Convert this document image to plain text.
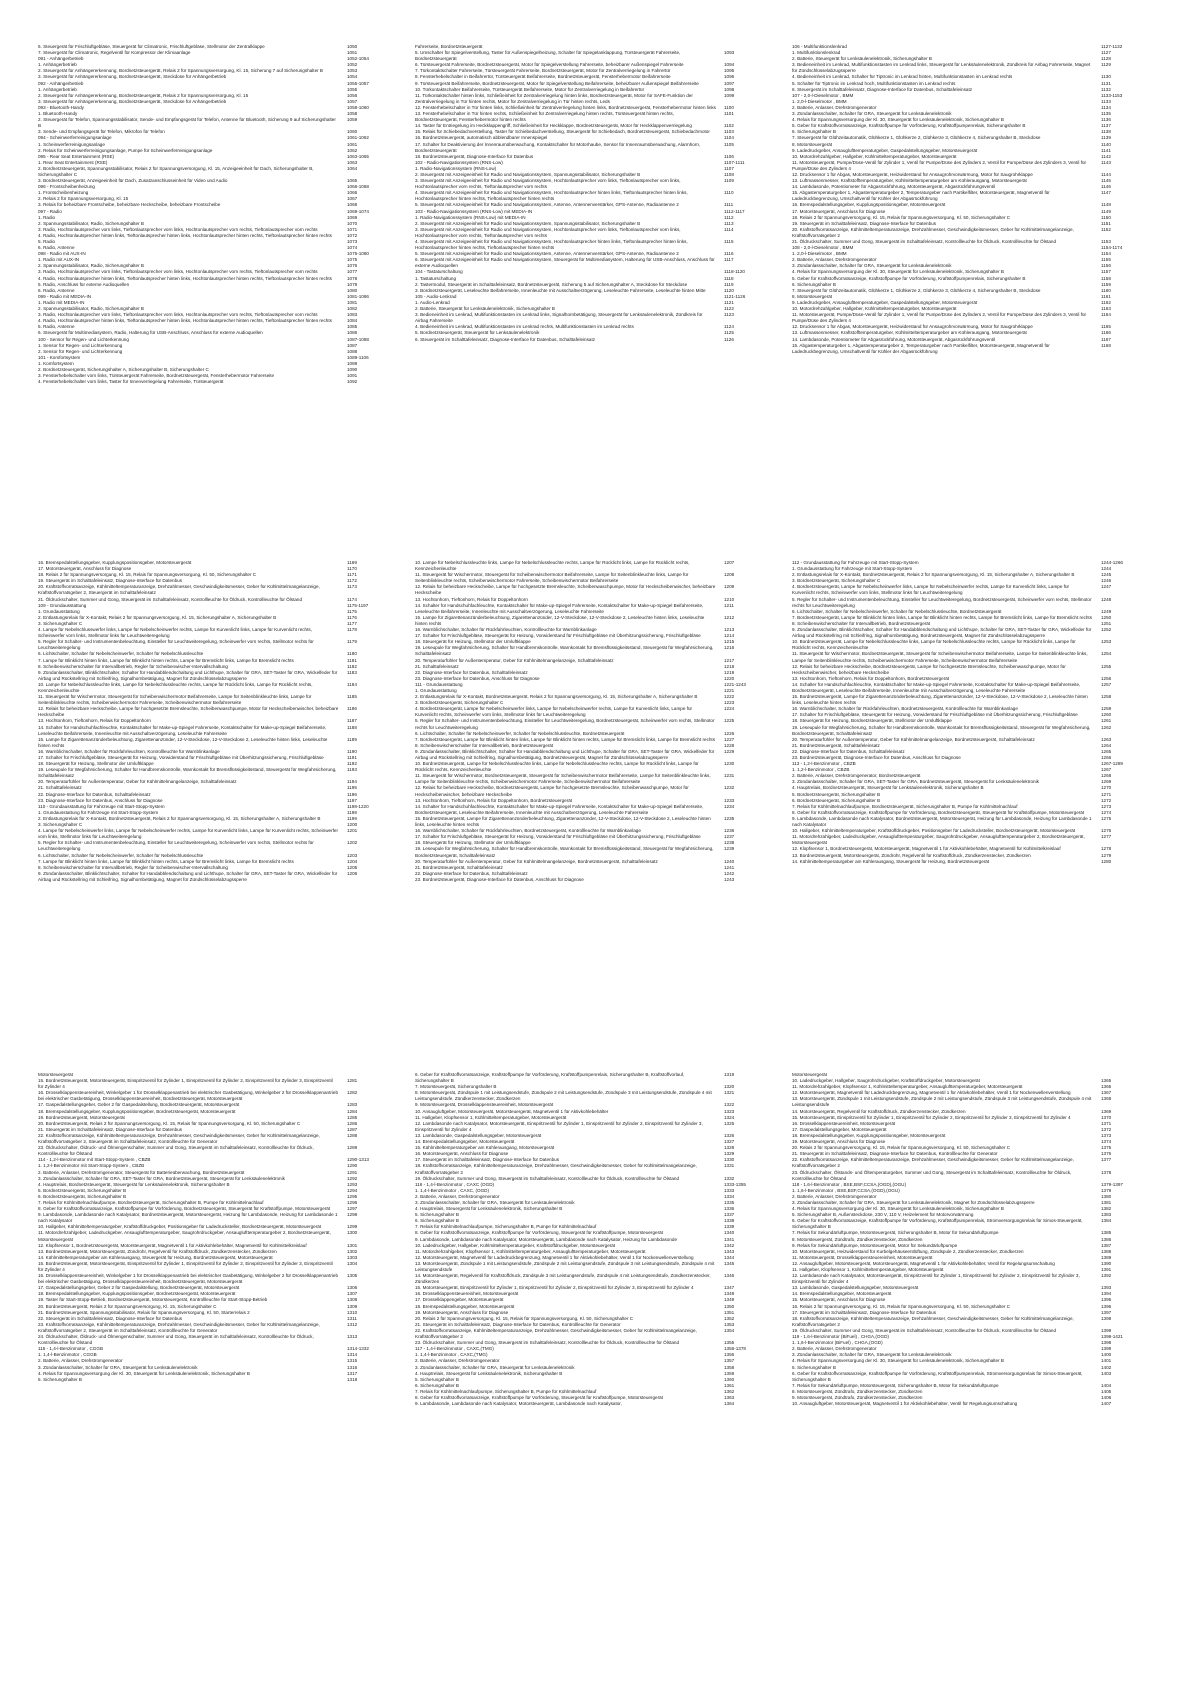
6. Steuergerät für Frischluftgebläse, Steuergerät für Climatronic, Frischluftgebläse, Stellmotor der Zentralklappe	1050
7. Steuergerät für Climatronic, Regelventil für Kompressor der Klimaanlage	1051
091 - Anhängerbetrieb	1052-1054
1. Anhängerbetrieb	1052
2. Steuergerät für Anhängererkennung, Bordnetzsteuergerät, Relais 2 für Spannungsversorgung, Kl. 15, Sicherung 7 auf Sicherungshalter B	1053
3. Steuergerät für Anhängererkennung, Bordnetzsteuergerät, Steckdose für Anhängerbetrieb	1054
092 - Anhängerbetrieb	1055-1057
1. Anhängerbetrieb	1055
2. Steuergerät für Anhängererkennung, Bordnetzsteuergerät, Relais 2 für Spannungsversorgung, Kl. 15	1056
3. Steuergerät für Anhängererkennung, Bordnetzsteuergerät, Steckdose für Anhängerbetrieb	1057
093 - Bluetooth-Handy	1058-1060
1. Bluetooth-Handy	1058
2. Steuergerät für Telefon, Spannungsstabilisator, Sende- und Empfangsgerät für Telefon, Antenne für Bluetooth, Sicherung 9 auf Sicherungshalter B
1059
3. Sende- und Empfangsgerät für Telefon, Mikrofon für Telefon	1060
094 - Scheinwerferreinigungsanlage	1061-1062
1. Scheinwerferreinigungsanlage	1061
2. Relais für Scheinwerferreinigungsanlage, Pumpe für Scheinwerferreinigungsanlage	1062
095 - Rear Seat Entertainment (RSE)	1063-1065
1. Rear Seat Entertainment (RSE)	1063
2. Bordnetzsteuergerät, Spannungsstabilisator, Relais 2 für Spannungsversorgung, Kl. 15, Anzeigeeinheit für Dach, Sicherungshalter B, Sicherungshalter C
1064
3. Bordnetzsteuergerät, Anzeigeeinheit für Dach, Zusatzanschlusseinheit für Video und Audio	1065
096 - Frontscheibenheizung	1066-1068
1. Frontscheibenheizung	1066
2. Relais 2 für Spannungsversorgung, Kl. 15	1067
3. Relais für beheizbare Frontscheibe, beheizbare Heckscheibe, beheizbare Frontscheibe	1068
097 - Radio	1069-1074
1. Radio	1069
2. Spannungsstabilisator, Radio, Sicherungshalter B	1070
3. Radio, Hochtonlautsprecher vorn links, Tieftonlautsprecher vorn links, Hochtonlautsprecher vorn rechts, Tieftonlautsprecher vorn rechts	1071
4. Radio, Hochtonlautsprecher hinten links, Tieftonlautsprecher hinten links, Hochtonlautsprecher hinten rechts, Tieftonlautsprecher hinten rechts	1072
5. Radio	1073
6. Radio, Antenne	1074
098 - Radio mit AUX-IN	1075-1080
1. Radio mit AUX-IN	1075
2. Spannungsstabilisator, Radio, Sicherungshalter B	1076
3. Radio, Hochtonlautsprecher vorn links, Tieftonlautsprecher vorn links, Hochtonlautsprecher vorn rechts, Tieftonlautsprecher vorn rechts	1077
4. Radio, Hochtonlautsprecher hinten links, Tieftonlautsprecher hinten links, Hochtonlautsprecher hinten rechts, Tieftonlautsprecher hinten rechts	1078
5. Radio, Anschluss für externe Audioquellen	1079
6. Radio, Antenne	1080
099 - Radio mit MEDIA-IN	1081-1086
1. Radio mit MEDIA-IN	1081
2. Spannungsstabilisator, Radio, Sicherungshalter B	1082
3. Radio, Hochtonlautsprecher vorn links, Tieftonlautsprecher vorn links, Hochtonlautsprecher vorn rechts, Tieftonlautsprecher vorn rechts	1083
4. Radio, Hochtonlautsprecher hinten links, Tieftonlautsprecher hinten links, Hochtonlautsprecher hinten rechts, Tieftonlautsprecher hinten rechts	1084
5. Radio, Antenne	1085
6. Steuergerät für Multimediasystem, Radio, Halterung für USB-Anschluss, Anschluss für externe Audioquellen	1086
100 - Sensor für Regen- und Lichterkennung	1087-1088
1. Sensor für Regen- und Lichterkennung	1087
2. Sensor für Regen- und Lichterkennung	1088
101 - Komfortsystem	1089-1106
1. Komfortsystem	1089
2. Bordnetzsteuergerät, Sicherungshalter A, Sicherungshalter B, Sicherungshalter C	1090
3. Fensterhebelschalter vorn links, Türsteuergerät Fahrerseite, Bordnetzsteuergerät, Fensterhebermotor Fahrerseite	1091
4. Fensterhebelschalter vorn links, Taster für Innenverriegelung Fahrerseite, Türsteuergerät	1092
Fahrerseite, Bordnetzsteuergerät
5. Umschalter für Spiegelverstellung, Taster für Außenspiegelheizung, Schalter für Spiegelanklappung, Türsteuergerät Fahrerseite, Bordnetzsteuergerät
1093
6. Türsteuergerät Fahrerseite, Bordnetzsteuergerät, Motor für Spiegelverstellung Fahrerseite, beheizbarer Außenspiegel Fahrerseite	1094
7. Türkontaktschalter Fahrerseite, Türsteuergerät Fahrerseite, Bordnetzsteuergerät, Motor für Zentralverriegelung in Fahrertür	1095
8. Fensterhebelschalter in Beifahrertür, Türsteuergerät Beifahrerseite, Bordnetzsteuergerät, Fensterhebermotor Beifahrerseite	1096
9. Türsteuergerät Beifahrerseite, Bordnetzsteuergerät, Motor für Spiegelverstellung Beifahrerseite, beheizbarer Außenspiegel Beifahrerseite	1097
10. Türkontaktschalter Beifahrerseite, Türsteuergerät Beifahrerseite, Motor für Zentralverriegelung in Beifahrertür	1098
11. Türkontaktschalter hinten links, Schließeinheit für Zentralverriegelung hinten links, Bordnetzsteuergerät, Motor für SAFE-Funktion der Zentralverriegelung in Tür hinten rechts, Motor für Zentralverriegelung in Tür hinten rechts, Leds
1099
12. Fensterhebelschalter in Tür hinten links, Schließeinheit für Zentralverriegelung hinten links, Bordnetzsteuergerät, Fensterhebermotor hinten links	1100
13. Fensterhebelschalter in Tür hinten rechts, Schließeinheit für Zentralverriegelung hinten rechts, Türsteuergerät hinten rechts, Bordnetzsteuergerät, Fensterhebermotor hinten rechts
1101
14. Taster für Entriegelung im Heckklappengriff, Schließeinheit für Heckklappe, Bordnetzsteuergerät, Motor für Heckklappenverriegelung	1102
15. Relais für Schiebedachverstellung, Taster für Schiebedachverstellung, Steuergerät für Schiebedach, Bordnetzsteuergerät, Schiebedachmotor	1103
16. Bordnetzsteuergerät, automatisch abblendbarer Innenspiegel	1104
17. Schalter für Deaktivierung der Innenraumüberwachung, Kontaktschalter für Motorhaube, Sensor für Innenraumüberwachung, Alarmhorn, Bordnetzsteuergerät
1105
18. Bordnetzsteuergerät, Diagnose-Interface für Datenbus	1106
102 - Radio-Navigationssystem (RNS-Low)	1107-1111
1. Radio-Navigationssystem (RNS-Low)	1107
2. Steuergerät mit Anzeigeeinheit für Radio und Navigationssystem, Spannungsstabilisator, Sicherungshalter B	1108
3. Steuergerät mit Anzeigeeinheit für Radio und Navigationssystem, Hochtonlautsprecher vorn links, Tieftonlautsprecher vorn links, Hochtonlautsprecher vorn rechts, Tieftonlautsprecher vorn rechts
1109
4. Steuergerät mit Anzeigeeinheit für Radio und Navigationssystem, Hochtonlautsprecher hinten links, Tieftonlautsprecher hinten links, Hochtonlautsprecher hinten rechts, Tieftonlautsprecher hinten rechts
1110
5. Steuergerät mit Anzeigeeinheit für Radio und Navigationssystem, Antenne, Antennenverstärker, GPS-Antenne, Radioantenne 2	1111
103 - Radio-Navigationssystem (RNS-Low) mit MEDIA-IN	1112-1117
1. Radio-Navigationssystem (RNS-Low) mit MEDIA-IN	1112
2. Steuergerät mit Anzeigeeinheit für Radio und Navigationssystem, Spannungsstabilisator, Sicherungshalter B	1113
3. Steuergerät mit Anzeigeeinheit für Radio und Navigationssystem, Hochtonlautsprecher vorn links, Tieftonlautsprecher vorn links, Hochtonlautsprecher vorn rechts, Tieftonlautsprecher vorn rechts
1114
4. Steuergerät mit Anzeigeeinheit für Radio und Navigationssystem, Hochtonlautsprecher hinten links, Tieftonlautsprecher hinten links, Hochtonlautsprecher hinten rechts, Tieftonlautsprecher hinten rechts
1115
5. Steuergerät mit Anzeigeeinheit für Radio und Navigationssystem, Antenne, Antennenverstärker, GPS-Antenne, Radioantenne 2	1116
6. Steuergerät mit Anzeigeeinheit für Radio und Navigationssystem, Steuergerät für Multimediasystem, Halterung für USB-Anschluss, Anschluss für externe Audioquellen
1117
104 - Tastaturschaltung	1118-1120
1. Tastaturschaltung	1118
2. Tastermodul, Steuergerät im Schalttafeleinsatz, Bordnetzsteuergerät, Sicherung 5 auf Sicherungshalter A, Steckdose für Steckdose	1119
3. Bordnetzsteuergerät, Leseleuchte Beifahrerseite, Innenleuchte mit Ausschaltverzögerung, Leseleuchte Fahrerseite, Leseleuchte hinten Mitte	1120
105 - Audio-Lenkrad	1121-1126
1. Audio-Lenkrad	1121
2. Batterie, Steuergerät für Lenksäulenelektronik, Sicherungshalter B	1122
3. Bedieneinheit im Lenkrad, Multifunktionstasten im Lenkrad links, Signalhornbetätigung, Steuergerät für Lenksäulenelektronik, Zündkreis für Airbag Fahrerseite
1123
4. Bedieneinheit im Lenkrad, Multifunktionstasten im Lenkrad rechts, Multifunktionstasten im Lenkrad rechts	1124
5. Bordnetzsteuergerät, Steuergerät für Lenksäulenelektronik	1125
6. Steuergerät im Schalttafeleinsatz, Diagnose-Interface für Datenbus, Schalttafeleinsatz	1126
106 - Multifunktionslenkrad	1127-1132
1. Multifunktionslenkrad	1127
2. Batterie, Steuergerät für Lenksäulenelektronik, Sicherungshalter B	1128
3. Bedieneinheit im Lenkrad, Multifunktionstasten im Lenkrad links, Steuergerät für Lenksäulenelektronik, Zündkreis für Airbag Fahrerseite, Magnet für Zündschlüsselabzugssperre
1129
4. Bedieneinheit im Lenkrad, Schalter für Tiptronic im Lenkrad hinten, Multifunktionstasten im Lenkrad rechts	1130
5. Schalter für Tiptronic im Lenkrad hoch, Multifunktionstasten im Lenkrad rechts	1131
6. Steuergerät im Schalttafeleinsatz, Diagnose-Interface für Datenbus, Schalttafeleinsatz	1132
107 - 2,0-l-Dieselmotor , BMM	1133-1153
1. 2,0-l-Dieselmotor , BMM	1133
2. Batterie, Anlasser, Drehstromgenerator	1134
3. Zündanlassschalter, Schalter für GRA, Steuergerät für Lenksäulenelektronik	1135
4. Relais für Spannungsversorgung der Kl. 30, Steuergerät für Lenksäulenelektronik, Sicherungshalter B	1136
5. Geber für Kraftstoffvorratsanzeige, Kraftstoffpumpe für Vorförderung, Kraftstoffpumpenrelais, Sicherungshalter B	1137
6. Sicherungshalter B	1138
7. Steuergerät für Glühzeitautomatik, Glühkerze 1, Glühkerze 2, Glühkerze 3, Glühkerze 4, Sicherungshalter B, Steckdose	1139
8. Motorsteuergerät	1140
9. Ladedruckgeber, Ansauglufttemperaturgeber, Gaspedalstellungsgeber, Motorsteuergerät	1141
10. Motordrehzahlgeber, Hallgeber, Kühlmitteltemperaturgeber, Motorsteuergerät	1142
11. Motorsteuergerät, Pumpe/Düse-Ventil für Zylinder 1, Ventil für Pumpe/Düse des Zylinders 2, Ventil für Pumpe/Düse des Zylinders 3, Ventil für Pumpe/Düse des Zylinders 4
1143
12. Drucksensor 1 für Abgas, Motorsteuergerät, Heizwiderstand für Ansaugrohrvorwärmung, Motor für Saugrohrklappe	1144
13. Luftmassenmesser, Kraftstofftemperaturgeber, Kühlmitteltemperaturgeber am Kühlerausgang, Motorsteuergerät	1145
14. Lambdasonde, Potentiometer für Abgasrückführung, Motorsteuergerät, Abgasrückführungsventil	1146
15. Abgastemperaturgeber 1, Abgastemperaturgeber 2, Temperaturgeber nach Partikelfilter, Motorsteuergerät, Magnetventil für Ladedruckbegrenzung, Umschaltventil für Kühler der Abgasrückführung
1147
16. Bremspedalstellungsgeber, Kupplungspositionsgeber, Motorsteuergerät	1148
17. Motorsteuergerät, Anschluss für Diagnose	1149
18. Relais 2 für Spannungsversorgung, Kl. 15, Relais für Spannungsversorgung, Kl. 50, Sicherungshalter C	1150
19. Steuergerät im Schalttafeleinsatz, Diagnose-Interface für Datenbus	1151
20. Kraftstoffvorratsanzeige, Kühlmitteltemperaturanzeige, Drehzahlmesser, Geschwindigkeitsmesser, Geber für Kühlmittelmangelanzeige, Kraftstoffvorratsgeber 2
1152
21. Öldruckschalter, Summer und Gong, Steuergerät im Schalttafeleinsatz, Kontrollleuchte für Öldruck, Kontrollleuchte für Ölstand	1153
108 - 2,0-l-Dieselmotor , BMM	1154-1174
1. 2,0-l-Dieselmotor , BMM	1154
2. Batterie, Anlasser, Drehstromgenerator	1155
3. Zündanlassschalter, Schalter für GRA, Steuergerät für Lenksäulenelektronik	1156
4. Relais für Spannungsversorgung der Kl. 30, Steuergerät für Lenksäulenelektronik, Sicherungshalter B	1157
5. Geber für Kraftstoffvorratsanzeige, Kraftstoffpumpe für Vorförderung, Kraftstoffpumpenrelais, Sicherungshalter B	1158
6. Sicherungshalter B	1159
7. Steuergerät für Glühzeitautomatik, Glühkerze 1, Glühkerze 2, Glühkerze 3, Glühkerze 4, Sicherungshalter B, Steckdose	1160
8. Motorsteuergerät	1161
9. Ladedruckgeber, Ansauglufttemperaturgeber, Gaspedalstellungsgeber, Motorsteuergerät	1162
10. Motordrehzahlgeber, Hallgeber, Kühlmitteltemperaturgeber, Motorsteuergerät	1163
11. Motorsteuergerät, Pumpe/Düse-Ventil für Zylinder 1, Ventil für Pumpe/Düse des Zylinders 2, Ventil für Pumpe/Düse des Zylinders 3, Ventil für Pumpe/Düse des Zylinders 4
1164
12. Drucksensor 1 für Abgas, Motorsteuergerät, Heizwiderstand für Ansaugrohrvorwärmung, Motor für Saugrohrklappe	1165
13. Luftmassenmesser, Kraftstofftemperaturgeber, Kühlmitteltemperaturgeber am Kühlerausgang, Motorsteuergerät	1166
14. Lambdasonde, Potentiometer für Abgasrückführung, Motorsteuergerät, Abgasrückführungsventil	1167
15. Abgastemperaturgeber 1, Abgastemperaturgeber 2, Temperaturgeber nach Partikelfilter, Motorsteuergerät, Magnetventil für Ladedruckbegrenzung, Umschaltventil für Kühler der Abgasrückführung
1168
16. Bremspedalstellungsgeber, Kupplungspositionsgeber, Motorsteuergerät	1169
17. Motorsteuergerät, Anschluss für Diagnose	1170
18. Relais 2 für Spannungsversorgung, Kl. 15, Relais für Spannungsversorgung, Kl. 50, Sicherungshalter C	1171
19. Steuergerät im Schalttafeleinsatz, Diagnose-Interface für Datenbus	1172
20. Kraftstoffvorratsanzeige, Kühlmitteltemperaturanzeige, Drehzahlmesser, Geschwindigkeitsmesser, Geber für Kühlmittelmangelanzeige, Kraftstoffvorratsgeber 2, Steuergerät im Schalttafeleinsatz
1173
21. Öldruckschalter, Summer und Gong, Steuergerät im Schalttafeleinsatz, Kontrollleuchte für Öldruck, Kontrollleuchte für Ölstand	1174
109 - Grundausstattung	1175-1197
1. Grundausstattung	1175
2. Entlastungsrelais für X-Kontakt, Relais 2 für Spannungsversorgung, Kl. 15, Sicherungshalter A, Sicherungshalter B	1176
3. Sicherungshalter C	1177
4. Lampe für Nebelschlusswerfer links, Lampe für Nebelscheinwerfer rechts, Lampe für Kurvenlicht links, Lampe für Kurvenlicht rechts, Scheinwerfer vorn links, Stellmotor links für Leuchtweiteregelung
1178
5. Regler für Schalter- und Instrumentenbeleuchtung, Einsteller für Leuchtweiteregelung, Scheinwerfer vorn rechts, Stellmotor rechts für Leuchtweiteregelung
1179
6. Lichtschalter, Schalter für Nebelscheinwerfer, Schalter für Nebelschlussleuchte	1180
7. Lampe für Blinklicht hinten links, Lampe für Blinklicht hinten rechts, Lampe für Bremslicht links, Lampe für Bremslicht rechts	1181
8. Scheibenwischerschalter für Intervallbetrieb, Regler für Scheibenwischer-Intervallschaltung	1182
9. Zündanlassschalter, Blinklichtschalter, Schalter für Handabblendschaltung und Lichthupe, Schalter für GRA, SET-Taster für GRA, Wickelfeder für Airbag und Rückstellring mit Schleifring, Signalhornbetätigung, Magnet für Zündschlüsselabzugssperre
1183
10. Lampe für Nebelschlussleuchte links, Lampe für Nebelschlussleuchte rechts, Lampe für Rücklicht links, Lampe für Rücklicht rechts, Kennzeichenleuchte
1184
11. Steuergerät für Wischermotor, Steuergerät für Scheibenwischermotor Beifahrerseite, Lampe für Seitenblinkleuchte links, Lampe für Seitenblinkleuchte rechts, Scheibenwischermotor Fahrerseite, Scheibenwischermotor Beifahrerseite
1185
12. Relais für beheizbare Heckscheibe, Lampe für hochgesetzte Bremsleuchte, Scheibenwaschpumpe, Motor für Heckscheibenwischer, beheizbare Heckscheibe
1186
13. Hochtonhorn, Tieftonhorn, Relais für Doppeltonhorn	1187
14. Schalter für Handschuhfachleuchte, Kontaktschalter für Make-up-Spiegel Fahrerseite, Kontaktschalter für Make-up-Spiegel Beifahrerseite, Leseleuchte Beifahrerseite, Innenleuchte mit Ausschaltverzögerung, Leseleuchte Fahrerseite
1188
15. Lampe für Zigarettenanzünderbeleuchtung, Zigarettenanzünder, 12-V-Steckdose, 12-V-Steckdose 2, Leseleuchte hinten links, Leseleuchte hinten rechts
1189
16. Warnblichschalter, Schalter für Rückfahrleuchten, Kontrollleuchte für Warnblinkanlage	1190
17. Schalter für Frischluftgebläse, Steuergerät für Heizung, Vorwiderstand für Frischluftgebläse mit Überhitzungssicherung, Frischluftgebläse	1191
18. Steuergerät für Heizung, Stellmotor der Umluftklappe	1192
19. Leseupule für Wegfahrsicherung, Schalter für Handbremskontrolle, Warnkontakt für Bremsflüssigkeitsstand, Steuergerät für Wegfahrsicherung, Schalttafeleinsatz
1193
20. Temperaturfühler für Außentemperatur, Geber für Kühlmittelmangelanzeige, Schalttafeleinsatz	1194
21. Schalttafeleinsatz	1195
22. Diagnose-Interface für Datenbus, Schalttafeleinsatz	1196
23. Diagnose-Interface für Datenbus, Anschluss für Diagnose	1197
110 - Grundausstattung für Fahrzeuge mit Start-Stopp-System	1198-1220
1. Grundausstattung für Fahrzeuge mit Start-Stopp-System	1198
2. Entlastungsrelais für X-Kontakt, Bordnetzsteuergerät, Relais 2 für Spannungsversorgung, Kl. 15, Sicherungshalter A, Sicherungshalter B	1199
3. Sicherungshalter C	1200
4. Lampe für Nebelscheinwerfer links, Lampe für Nebelscheinwerfer rechts, Lampe für Kurvenlicht links, Lampe für Kurvenlicht rechts, Scheinwerfer vorn links, Stellmotor links für Leuchtweiteregelung
1201
5. Regler für Schalter- und Instrumentenbeleuchtung, Einsteller für Leuchtweiteregelung, Scheinwerfer vorn rechts, Stellmotor rechts für Leuchtweiteregelung
1202
6. Lichtschalter, Schalter für Nebelscheinwerfer, Schalter für Nebelschlussleuchte	1203
7. Lampe für Blinklicht hinten links, Lampe für Blinklicht hinten rechts, Lampe für Bremslicht links, Lampe für Bremslicht rechts	1204
8. Scheibenwischerschalter für Intervallbetrieb, Regler für Scheibenwischer-Intervallschaltung	1205
9. Zündanlassschalter, Blinklichtschalter, Schalter für Handabblendschaltung und Lichthupe, Schalter für GRA, SET-Taster für GRA, Wickelfeder für Airbag und Rückstellring mit Schleifring, Signalhornbetätigung, Magnet für Zündschlüsselabzugssperre
1206
10. Lampe für Nebelschlussleuchte links, Lampe für Nebelschlussleuchte rechts, Lampe für Rücklicht links, Lampe für Rücklicht rechts, Kennzeichenleuchte
1207
11. Steuergerät für Wischermotor, Steuergerät für Scheibenwischermotor Beifahrerseite, Lampe für Seitenblinkleuchte links, Lampe für Seitenblinkleuchte rechts, Scheibenwischermotor Fahrerseite, Scheibenwischermotor Beifahrerseite
1208
12. Relais für beheizbare Heckscheibe, Lampe für hochgesetzte Bremsleuchte, Scheibenwaschpumpe, Motor für Heckscheibenwischer, beheizbare Heckscheibe
1209
13. Hochtonhorn, Tieftonhorn, Relais für Doppeltonhorn	1210
14. Schalter für Handschuhfachleuchte, Kontaktschalter für Make-up-Spiegel Fahrerseite, Kontaktschalter für Make-up-Spiegel Beifahrerseite, Leseleuchte Beifahrerseite, Innenleuchte mit Ausschaltverzögerung, Leseleuchte Fahrerseite
1211
15. Lampe für Zigarettenanzünderbeleuchtung, Zigarettenanzünder, 12-V-Steckdose, 12-V-Steckdose 2, Leseleuchte hinten links, Leseleuchte hinten rechts
1212
16. Warnblichschalter, Schalter für Rückfahrleuchten, Kontrollleuchte für Warnblinkanlage	1213
17. Schalter für Frischluftgebläse, Steuergerät für Heizung, Vorwiderstand für Frischluftgebläse mit Überhitzungssicherung, Frischluftgebläse	1214
18. Steuergerät für Heizung, Stellmotor der Umluftklappe	1215
19. Leseupule für Wegfahrsicherung, Schalter für Handbremskontrolle, Warnkontakt für Bremsflüssigkeitsstand, Steuergerät für Wegfahrsicherung, Schalttafeleinsatz
1216
20. Temperaturfühler für Außentemperatur, Geber für Kühlmittelmangelanzeige, Schalttafeleinsatz	1217
21. Schalttafeleinsatz	1218
22. Diagnose-Interface für Datenbus, Schalttafeleinsatz	1219
23. Diagnose-Interface für Datenbus, Anschluss für Diagnose	1220
111 - Grundausstattung	1221-1243
1. Grundausstattung	1221
2. Entlastungsrelais für X-Kontakt, Bordnetzsteuergerät, Relais 2 für Spannungsversorgung, Kl. 15, Sicherungshalter A, Sicherungshalter B	1222
3. Bordnetzsteuergerät, Sicherungshalter C	1223
4. Bordnetzsteuergerät, Lampe für Nebelscheinwerfer links, Lampe für Nebelscheinwerfer rechts, Lampe für Kurvenlicht links, Lampe für Kurvenlicht rechts, Scheinwerfer vorn links, Stellmotor links für Leuchtweiteregelung
1224
5. Regler für Schalter- und Instrumentenbeleuchtung, Einsteller für Leuchtweiteregelung, Bordnetzsteuergerät, Scheinwerfer vorn rechts, Stellmotor rechts für Leuchtweiteregelung
1225
6. Lichtschalter, Schalter für Nebelscheinwerfer, Schalter für Nebelschlussleuchte, Bordnetzsteuergerät	1226
7. Bordnetzsteuergerät, Lampe für Blinklicht hinten links, Lampe für Blinklicht hinten rechts, Lampe für Bremslicht links, Lampe für Bremslicht rechts	1227
8. Scheibenwischerschalter für Intervallbetrieb, Bordnetzsteuergerät	1228
9. Zündanlassschalter, Blinklichtschalter, Schalter für Handabblendschaltung und Lichthupe, Schalter für GRA, SET-Taster für GRA, Wickelfeder für Airbag und Rückstellring mit Schleifring, Signalhornbetätigung, Bordnetzsteuergerät, Magnet für Zündschlüsselabzugssperre
1229
10. Bordnetzsteuergerät, Lampe für Nebelschlussleuchte links, Lampe für Nebelschlussleuchte rechts, Lampe für Rücklicht links, Lampe für Rücklicht rechts, Kennzeichenleuchte
1230
11. Steuergerät für Wischermotor, Bordnetzsteuergerät, Steuergerät für Scheibenwischermotor Beifahrerseite, Lampe für Seitenblinkleuchte links, Lampe für Seitenblinkleuchte rechts, Scheibenwischermotor Fahrerseite, Scheibenwischermotor Beifahrerseite
1231
12. Relais für beheizbare Heckscheibe, Bordnetzsteuergerät, Lampe für hochgesetzte Bremsleuchte, Scheibenwaschpumpe, Motor für Heckscheibenwischer, beheizbare Heckscheibe
1232
13. Hochtonhorn, Tieftonhorn, Relais für Doppeltonhorn, Bordnetzsteuergerät	1233
14. Schalter für Handschuhfachleuchte, Kontaktschalter für Make-up-Spiegel Fahrerseite, Kontaktschalter für Make-up-Spiegel Beifahrerseite, Bordnetzsteuergerät, Leseleuchte Beifahrerseite, Innenleuchte mit Ausschaltverzögerung, Leseleuchte Fahrerseite
1234
15. Bordnetzsteuergerät, Lampe für Zigarettenanzünderbeleuchtung, Zigarettenanzünder, 12-V-Steckdose, 12-V-Steckdose 2, Leseleuchte hinten links, Leseleuchte hinten rechts
1235
16. Warnblichschalter, Schalter für Rückfahrleuchten, Bordnetzsteuergerät, Kontrollleuchte für Warnblinkanlage	1236
17. Schalter für Frischluftgebläse, Steuergerät für Heizung, Vorwiderstand für Frischluftgebläse mit Überhitzungssicherung, Frischluftgebläse	1237
18. Steuergerät für Heizung, Stellmotor der Umluftklappe	1238
19. Leseupule für Wegfahrsicherung, Schalter für Handbremskontrolle, Warnkontakt für Bremsflüssigkeitsstand, Steuergerät für Wegfahrsicherung, Bordnetzsteuergerät, Schalttafeleinsatz
1239
20. Temperaturfühler für Außentemperatur, Geber für Kühlmittelmangelanzeige, Bordnetzsteuergerät, Schalttafeleinsatz	1240
21. Bordnetzsteuergerät, Schalttafeleinsatz	1241
22. Diagnose-Interface für Datenbus, Schalttafeleinsatz	1242
23. Bordnetzsteuergerät, Diagnose-Interface für Datenbus, Anschluss für Diagnose	1243
112 - Grundausstattung für Fahrzeuge mit Start-Stopp-System	1244-1266
1. Grundausstattung für Fahrzeuge mit Start-Stopp-System	1244
2. Entlastungsrelais für X-Kontakt, Bordnetzsteuergerät, Relais 2 für Spannungsversorgung, Kl. 15, Sicherungshalter A, Sicherungshalter B	1245
3. Bordnetzsteuergerät, Sicherungshalter C	1246
4. Bordnetzsteuergerät, Lampe für Nebelscheinwerfer links, Lampe für Nebelscheinwerfer rechts, Lampe für Kurvenlicht links, Lampe für Kurvenlicht rechts, Scheinwerfer vorn links, Stellmotor links für Leuchtweiteregelung
1247
5. Regler für Schalter- und Instrumentenbeleuchtung, Einsteller für Leuchtweiteregelung, Bordnetzsteuergerät, Scheinwerfer vorn rechts, Stellmotor rechts für Leuchtweiteregelung
1248
6. Lichtschalter, Schalter für Nebelscheinwerfer, Schalter für Nebelschlussleuchte, Bordnetzsteuergerät	1249
7. Bordnetzsteuergerät, Lampe für Blinklicht hinten links, Lampe für Blinklicht hinten rechts, Lampe für Bremslicht links, Lampe für Bremslicht rechts	1250
8. Scheibenwischerschalter für Intervallbetrieb, Bordnetzsteuergerät	1251
9. Zündanlassschalter, Blinklichtschalter, Schalter für Handabblendschaltung und Lichthupe, Schalter für GRA, SET-Taster für GRA, Wickelfeder für Airbag und Rückstellring mit Schleifring, Signalhornbetätigung, Bordnetzsteuergerät, Magnet für Zündschlüsselabzugssperre
1252
10. Bordnetzsteuergerät, Lampe für Nebelschlussleuchte links, Lampe für Nebelschlussleuchte rechts, Lampe für Rücklicht links, Lampe für Rücklicht rechts, Kennzeichenleuchte
1253
11. Steuergerät für Wischermotor, Bordnetzsteuergerät, Steuergerät für Scheibenwischermotor Beifahrerseite, Lampe für Seitenblinkleuchte links, Lampe für Seitenblinkleuchte rechts, Scheibenwischermotor Fahrerseite, Scheibenwischermotor Beifahrerseite
1254
12. Relais für beheizbare Heckscheibe, Bordnetzsteuergerät, Lampe für hochgesetzte Bremsleuchte, Scheibenwaschpumpe, Motor für Heckscheibenwischer, beheizbare Heckscheibe
1255
13. Hochtonhorn, Tieftonhorn, Relais für Doppeltonhorn, Bordnetzsteuergerät	1256
14. Schalter für Handschuhfachleuchte, Kontaktschalter für Make-up-Spiegel Fahrerseite, Kontaktschalter für Make-up-Spiegel Beifahrerseite, Bordnetzsteuergerät, Leseleuchte Beifahrerseite, Innenleuchte mit Ausschaltverzögerung, Leseleuchte Fahrerseite
1257
15. Bordnetzsteuergerät, Lampe für Zigarettenanzünderbeleuchtung, Zigarettenanzünder, 12-V-Steckdose, 12-V-Steckdose 2, Leseleuchte hinten links, Leseleuchte hinten rechts
1258
16. Warnblichschalter, Schalter für Rückfahrleuchten, Bordnetzsteuergerät, Kontrollleuchte für Warnblinkanlage	1259
17. Schalter für Frischluftgebläse, Steuergerät für Heizung, Vorwiderstand für Frischluftgebläse mit Überhitzungssicherung, Frischluftgebläse	1260
18. Steuergerät für Heizung, Bordnetzsteuergerät, Stellmotor der Umluftklappe	1261
19. Leseupule für Wegfahrsicherung, Schalter für Handbremskontrolle, Warnkontakt für Bremsflüssigkeitsstand, Steuergerät für Wegfahrsicherung, Bordnetzsteuergerät, Schalttafeleinsatz
1262
20. Temperaturfühler für Außentemperatur, Geber für Kühlmittelmangelanzeige, Bordnetzsteuergerät, Schalttafeleinsatz	1263
21. Bordnetzsteuergerät, Schalttafeleinsatz	1264
22. Diagnose-Interface für Datenbus, Schalttafeleinsatz	1265
23. Bordnetzsteuergerät, Diagnose-Interface für Datenbus, Anschluss für Diagnose	1266
113 - 1,2-l-Benzinmotor , CBZB	1267-1289
1. 1,2-l-Benzinmotor , CBZB	1267
2. Batterie, Anlasser, Drehstromgenerator, Bordnetzsteuergerät	1268
3. Zündanlassschalter, Schalter für GRA, SET-Taster für GRA, Bordnetzsteuergerät, Steuergerät für Lenksäulenelektronik	1269
4. Hauptrelais, Bordnetzsteuergerät, Steuergerät für Lenksäulenelektronik, Sicherungshalter B	1270
5. Bordnetzsteuergerät, Sicherungshalter B	1271
6. Bordnetzsteuergerät, Sicherungshalter B	1272
7. Relais für Kühlmittelnachlaufpumpe, Bordnetzsteuergerät, Sicherungshalter B, Pumpe für Kühlmittelnachlauf	1273
8. Geber für Kraftstoffvorratsanzeige, Kraftstoffpumpe für Vorförderung, Bordnetzsteuergerät, Steuergerät für Kraftstoffpumpe, Motorsteuergerät	1274
9. Lambdasonde, Lambdasonde nach Katalysator, Bordnetzsteuergerät, Motorsteuergerät, Heizung für Lambdasonde, Heizung für Lambdasonde 1 nach Katalysator
1275
10. Hallgeber, Kühlmitteltemperaturgeber, Kraftstoffdruckgeber, Positionsgeber für Ladedrucksteller, Bordnetzsteuergerät, Motorsteuergerät	1276
11. Motordrehzahlgeber, Ladedruckgeber, Ansauglufttemperaturgeber, Saugrohrdruckgeber, Ansauglufttemperaturgeber 2, Bordnetzsteuergerät, Motorsteuergerät
1277
12. Klopfsensor 1, Bordnetzsteuergerät, Motorsteuergerät, Magnetventil 1 für Aktivkohlebehälter, Magnetventil für Kühlmittelkreislauf	1278
13. Bordnetzsteuergerät, Motorsteuergerät, Zündrohr, Regelventil für Kraftstoffdruck, Zündkerzenstecker, Zündkerzen	1279
14. Kühlmitteltemperaturgeber am Kühlerausgang, Steuergerät für Heizung, Bordnetzsteuergerät	1280
Motorsteuergerät
15. Bordnetzsteuergerät, Motorsteuergerät, Einspritzventil für Zylinder 1, Einspritzventil für Zylinder 2, Einspritzventil für Zylinder 3, Einspritzventil für Zylinder 4
1281
16. Drosselklappensteuereinheit, Winkelgeber 1 für Drosselklappenantrieb bei elektrischer Gasbetätigung, Winkelgeber 2 für Drosselklappenantrieb bei elektrischer Gasbetätigung, Drosselklappensteuereinheit, Bordnetzsteuergerät, Motorsteuergerät
1282
17. Gaspedalstellungsgeber, Geber 2 für Gaspedalstellung, Bordnetzsteuergerät, Motorsteuergerät	1283
18. Bremspedalstellungsgeber, Kupplungspositionsgeber, Bordnetzsteuergerät, Motorsteuergerät	1284
19. Bordnetzsteuergerät, Motorsteuergerät	1285
20. Bordnetzsteuergerät, Relais 2 für Spannungsversorgung, Kl. 15, Relais für Spannungsversorgung, Kl. 50, Sicherungshalter C	1286
21. Steuergerät im Schalttafeleinsatz, Diagnose-Interface für Datenbus	1287
22. Kraftstoffvorratsanzeige, Kühlmitteltemperaturanzeige, Drehzahlmesser, Geschwindigkeitsmesser, Geber für Kühlmittelmangelanzeige, Kraftstoffvorratsgeber 2, Steuergerät im Schalttafeleinsatz, Kontrollleuchte für Generator
1288
23. Öldruckschalter, Öldruck- und Ölmengenschalter, Summer und Gong, Steuergerät im Schalttafeleinsatz, Kontrollleuchte für Öldruck, Kontrollleuchte für Ölstand
1289
114 - 1,2-l-Benzinmotor mit Start-Stopp-System , CBZB	1290-1313
1. 1,2-l-Benzinmotor mit Start-Stopp-System , CBZB	1290
2. Batterie, Anlasser, Drehstromgenerator, Steuergerät für Batterieüberwachung, Bordnetzsteuergerät	1291
3. Zündanlassschalter, Schalter für GRA, SET-Taster für GRA, Bordnetzsteuergerät, Steuergerät für Lenksäulenelektronik	1292
4. Hauptrelais, Bordnetzsteuergerät, Steuergerät für Lenksäulenelektronik, Sicherungshalter B	1293
5. Bordnetzsteuergerät, Sicherungshalter B	1294
6. Bordnetzsteuergerät, Sicherungshalter B	1295
7. Relais für Kühlmittelnachlaufpumpe, Bordnetzsteuergerät, Sicherungshalter B, Pumpe für Kühlmittelnachlauf	1296
8. Geber für Kraftstoffvorratsanzeige, Kraftstoffpumpe für Vorförderung, Bordnetzsteuergerät, Steuergerät für Kraftstoffpumpe, Motorsteuergerät	1297
9. Lambdasonde, Lambdasonde nach Katalysator, Bordnetzsteuergerät, Motorsteuergerät, Heizung für Lambdasonde, Heizung für Lambdasonde 1 nach Katalysator
1298
10. Hallgeber, Kühlmitteltemperaturgeber, Kraftstoffdruckgeber, Positionsgeber für Ladedrucksteller, Bordnetzsteuergerät, Motorsteuergerät	1299
11. Motordrehzahlgeber, Ladedruckgeber, Ansauglufttemperaturgeber, Saugrohrdruckgeber, Ansauglufttemperaturgeber 2, Bordnetzsteuergerät, Motorsteuergerät
1300
12. Klopfsensor 1, Bordnetzsteuergerät, Motorsteuergerät, Magnetventil 1 für Aktivkohlebehälter, Magnetventil für Kühlmittelkreislauf	1301
13. Bordnetzsteuergerät, Motorsteuergerät, Zündrohr, Regelventil für Kraftstoffdruck, Zündkerzenstecker, Zündkerzen	1302
14. Kühlmitteltemperaturgeber am Kühlerausgang, Steuergerät für Heizung, Bordnetzsteuergerät, Motorsteuergerät	1303
15. Bordnetzsteuergerät, Motorsteuergerät, Einspritzventil für Zylinder 1, Einspritzventil für Zylinder 2, Einspritzventil für Zylinder 3, Einspritzventil für Zylinder 4
1304
16. Drosselklappensteuereinheit, Winkelgeber 1 für Drosselklappenantrieb bei elektrischer Gasbetätigung, Winkelgeber 2 für Drosselklappenantrieb bei elektrischer Gasbetätigung, Drosselklappensteuereinheit, Bordnetzsteuergerät, Motorsteuergerät
1305
17. Gaspedalstellungsgeber, Geber 2 für Gaspedalstellung, Bordnetzsteuergerät, Motorsteuergerät	1306
18. Bremspedalstellungsgeber, Kupplungspositionsgeber, Bordnetzsteuergerät, Motorsteuergerät	1307
19. Taster für Start-Stopp-Betrieb, Bordnetzsteuergerät, Motorsteuergerät, Kontrollleuchte für Start-Stopp-Betrieb	1308
20. Bordnetzsteuergerät, Relais 2 für Spannungsversorgung, Kl. 15, Sicherungshalter C	1309
21. Bordnetzsteuergerät, Spannungsstabilisator, Relais für Spannungsversorgung, Kl. 50, Starterrelais 2	1310
22. Steuergerät im Schalttafeleinsatz, Diagnose-Interface für Datenbus	1311
23. Kraftstoffvorratsanzeige, Kühlmitteltemperaturanzeige, Drehzahlmesser, Geschwindigkeitsmesser, Geber für Kühlmittelmangelanzeige, Kraftstoffvorratsgeber 2, Steuergerät im Schalttafeleinsatz, Kontrollleuchte für Generator
1312
24. Öldruckschalter, Öldruck- und Ölmengenschalter, Summer und Gong, Steuergerät im Schalttafeleinsatz, Kontrollleuchte für Öldruck, Kontrollleuchte für Ölstand
1313
115 - 1,4-l-Benzinmotor , CGGB	1314-1332
1. 1,4-l-Benzinmotor , CGGB	1314
2. Batterie, Anlasser, Drehstromgenerator	1315
3. Zündanlassschalter, Schalter für GRA, Steuergerät für Lenksäulenelektronik	1316
4. Relais für Spannungsversorgung der Kl. 30, Steuergerät für Lenksäulenelektronik, Sicherungshalter B	1317
5. Sicherungshalter B	1318
6. Geber für Kraftstoffvorratsanzeige, Kraftstoffpumpe für Vorförderung, Kraftstoffpumpenrelais, Sicherungshalter B, Kraftstoffvorlauf, Sicherungshalter B
1319
7. Motorsteuergerät, Sicherungshalter B	1320
8. Motorsteuergerät, Zündspule 1 mit Leistungsendstufe, Zündspule 2 mit Leistungsendstufe, Zündspule 3 mit Leistungsendstufe, Zündspule 4 mit Leistungsendstufe, Zündkerzenstecker, Zündkerzen
1321
9. Motorsteuergerät, Drosselklappensteuereinheit, Motorsteuergerät	1322
10. Ansaugluftgeber, Motorsteuergerät, Motorsteuergerät, Magnetventil 1 für Aktivkohlebehälter	1323
11. Hallgeber, Klopfsensor 1, Kühlmitteltemperaturgeber, Motorsteuergerät	1324
12. Lambdasonde nach Katalysator, Motorsteuergerät, Einspritzventil für Zylinder 1, Einspritzventil für Zylinder 2, Einspritzventil für Zylinder 3, Einspritzventil für Zylinder 4
1325
13. Lambdasonde, Gaspedalstellungsgeber, Motorsteuergerät	1326
14. Bremspedalstellungsgeber, Motorsteuergerät	1327
15. Kühlmitteltemperaturgeber am Kühlerausgang, Motorsteuergerät	1328
16. Motorsteuergerät, Anschluss für Diagnose	1329
17. Steuergerät im Schalttafeleinsatz, Diagnose-Interface für Datenbus	1330
18. Kraftstoffvorratsanzeige, Kühlmitteltemperaturanzeige, Drehzahlmesser, Geschwindigkeitsmesser, Geber für Kühlmittelmangelanzeige, Kraftstoffvorratsgeber 2
1331
19. Öldruckschalter, Summer und Gong, Steuergerät im Schalttafeleinsatz, Kontrollleuchte für Öldruck, Kontrollleuchte für Ölstand	1332
116 - 1,4-l-Benzinmotor , CAXC (OGD)	1333-1355
1. 1,4-l-Benzinmotor , CAXC, (OGD)	1333
2. Batterie, Anlasser, Drehstromgenerator	1334
3. Zündanlassschalter, Schalter für GRA, Steuergerät für Lenksäulenelektronik	1335
4. Hauptrelais, Steuergerät für Lenksäulenelektronik, Sicherungshalter B	1336
5. Sicherungshalter B	1337
6. Sicherungshalter B	1338
7. Relais für Kühlmittelnachlaufpumpe, Sicherungshalter B, Pumpe für Kühlmittelnachlauf	1339
8. Geber für Kraftstoffvorratsanzeige, Kraftstoffpumpe für Vorförderung, Steuergerät für Kraftstoffpumpe, Motorsteuergerät	1340
9. Lambdasonde, Lambdasonde nach Katalysator, Motorsteuergerät, Lambdasonde nach Katalysator, Heizung für Lambdasonde	1341
10. Ladedruckgeber, Hallgeber, Kühlmitteltemperaturgeber, Kraftstoffdruckgeber, Motorsteuergerät	1342
11. Motordrehzahlgeber, Klopfsensor 1, Kühlmitteltemperaturgeber, Ansauglufttemperaturgeber, Motorsteuergerät	1343
12. Motorsteuergerät, Magnetventil für Ladedruckbegrenzung, Magnetventil 1 für Aktivkohlebehälter, Ventil 1 für Nockenwellenverstellung	1344
13. Motorsteuergerät, Zündspule 1 mit Leistungsendstufe, Zündspule 2 mit Leistungsendstufe, Zündspule 3 mit Leistungsendstufe, Zündspule 4 mit Leistungsendstufe
1345
14. Motorsteuergerät, Regelventil für Kraftstoffdruck, Zündspule 3 mit Leistungsendstufe, Zündspule 4 mit Leistungsendstufe, Zündkerzenstecker, Zündkerzen
1346
15. Motorsteuergerät, Einspritzventil für Zylinder 1, Einspritzventil für Zylinder 2, Einspritzventil für Zylinder 3, Einspritzventil für Zylinder 4	1347
16. Drosselklappensteuereinheit, Motorsteuergerät	1348
17. Drosselklappengeber, Motorsteuergerät	1349
18. Bremspedalstellungsgeber, Motorsteuergerät	1350
19. Motorsteuergerät, Anschluss für Diagnose	1351
20. Relais 2 für Spannungsversorgung, Kl. 15, Relais für Spannungsversorgung, Kl. 50, Sicherungshalter C	1352
21. Steuergerät im Schalttafeleinsatz, Diagnose-Interface für Datenbus, Kontrollleuchte für Generator	1353
22. Kraftstoffvorratsanzeige, Kühlmitteltemperaturanzeige, Drehzahlmesser, Geschwindigkeitsmesser, Geber für Kühlmittelmangelanzeige, Kraftstoffvorratsgeber 2
1354
23. Öldruckschalter, Summer und Gong, Steuergerät im Schalttafeleinsatz, Kontrollleuchte für Öldruck, Kontrollleuchte für Ölstand	1355
117 - 1,4-l-Benzinmotor , CAXC,(TMG)	1356-1378
1. 1,4-l-Benzinmotor , CAXC,(TMG)	1356
2. Batterie, Anlasser, Drehstromgenerator	1357
3. Zündanlassschalter, Schalter für GRA, Steuergerät für Lenksäulenelektronik	1358
4. Hauptrelais, Steuergerät für Lenksäulenelektronik, Sicherungshalter B	1359
5. Sicherungshalter B	1360
6. Sicherungshalter B	1361
7. Relais für Kühlmittelnachlaufpumpe, Sicherungshalter B, Pumpe für Kühlmittelnachlauf	1362
8. Geber für Kraftstoffvorratsanzeige, Kraftstoffpumpe für Vorförderung, Steuergerät für Kraftstoffpumpe, Motorsteuergerät	1363
9. Lambdasonde, Lambdasonde nach Katalysator, Motorsteuergerät, Lambdasonde nach Katalysator,	1364
Motorsteuergerät
10. Ladedruckgeber, Hallgeber, Saugrohrdruckgeber, Kraftstoffdruckgeber, Motorsteuergerät	1365
11. Motordrehzahlgeber, Klopfsensor 1, Kühlmitteltemperaturgeber, Ansauglufttemperaturgeber, Motorsteuergerät	1366
12. Motorsteuergerät, Magnetventil für Ladedruckbegrenzung, Magnetventil 1 für Aktivkohlebehälter, Ventil 1 für Nockenwellenverstellung	1367
13. Motorsteuergerät, Zündspule 1 mit Leistungsendstufe, Zündspule 2 mit Leistungsendstufe, Zündspule 3 mit Leistungsendstufe, Zündspule 4 mit Leistungsendstufe
1368
14. Motorsteuergerät, Regelventil für Kraftstoffdruck, Zündkerzenstecker, Zündkerzen	1369
15. Motorsteuergerät, Einspritzventil für Zylinder 1, Einspritzventil für Zylinder 2, Einspritzventil für Zylinder 3, Einspritzventil für Zylinder 4	1370
16. Drosselklappensteuereinheit, Motorsteuergerät	1371
17. Gaspedalstellungsgeber, Motorsteuergerät	1372
18. Bremspedalstellungsgeber, Kupplungspositionsgeber, Motorsteuergerät	1373
19. Motorsteuergerät, Anschluss für Diagnose	1374
20. Relais 2 für Spannungsversorgung, Kl. 15, Relais für Spannungsversorgung, Kl. 50, Sicherungshalter C	1375
21. Steuergerät im Schalttafeleinsatz, Diagnose-Interface für Datenbus, Kontrollleuchte für Generator	1376
22. Kraftstoffvorratsanzeige, Kühlmitteltemperaturanzeige, Drehzahlmesser, Geschwindigkeitsmesser, Geber für Kühlmittelmangelanzeige, Kraftstoffvorratsgeber 2
1377
23. Öldruckschalter, Ölstands- und Öltemperaturgeber, Summer und Gong, Steuergerät im Schalttafeleinsatz, Kontrollleuchte für Öldruck, Kontrollleuchte für Ölstand
1378
118 - 1,6-l-Benzinmotor , BSE,BSF,CCSA,(OGD),(OGU)	1379-1397
1. 1,6-l-Benzinmotor , BSE,BSF,CCSA,(OGD),(OGU)	1379
2. Batterie, Anlasser, Drehstromgenerator	1380
3. Zündanlassschalter, Schalter für GRA, Steuergerät für Lenksäulenelektronik, Magnet für Zündschlüsselabzugssperre	1381
4. Relais für Spannungsversorgung der Kl. 30, Steuergerät für Lenksäulenelektronik, Sicherungshalter B	1382
5. Sicherungshalter B, Außensteckdose, 230 V, 110 V, Heizelement für Motorvorwärmung	1383
6. Geber für Kraftstoffvorratsanzeige, Kraftstoffpumpe für Vorförderung, Kraftstoffpumpenrelais, Stromversorgungsrelais für Simos-Steuergerät, Sicherungshalter B
1384
7. Relais für Sekundärluftpumpe, Motorsteuergerät, Sicherungshalter B, Motor für Sekundärluftpumpe	1385
8. Motorsteuergerät, Zündtrafo, Zündkerzenstecker, Zündkerzen	1386
9. Relais für Sekundärluftpumpe, Motorsteuergerät, Motor für Sekundärluftpumpe	1387
10. Motorsteuergerät, Heizwiderstand für Kurbelgehäuseentlüftung, Zündspule 2, Zündkerzenstecker, Zündkerzen	1388
11. Motorsteuergerät, Drosselklappensteuereinheit, Motorsteuergerät	1389
12. Ansaugluftgeber, Motorsteuergerät, Motorsteuergerät, Magnetventil 1 für Aktivkohlebehälter, Ventil für Regelungsumschaltung	1390
11. Hallgeber, Klopfsensor 1, Kühlmitteltemperaturgeber, Motorsteuergerät	1391
12. Lambdasonde nach Katalysator, Motorsteuergerät, Einspritzventil für Zylinder 1, Einspritzventil für Zylinder 2, Einspritzventil für Zylinder 3, Einspritzventil für Zylinder 4
1392
13. Lambdasonde, Gaspedalstellungsgeber, Motorsteuergerät	1393
14. Bremspedalstellungsgeber, Motorsteuergerät	1394
15. Motorsteuergerät, Anschluss für Diagnose	1395
16. Relais 2 für Spannungsversorgung, Kl. 15, Relais für Spannungsversorgung, Kl. 50, Sicherungshalter C	1396
17. Steuergerät im Schalttafeleinsatz, Diagnose-Interface für Datenbus	1397
18. Kraftstoffvorratsanzeige, Kühlmitteltemperaturanzeige, Drehzahlmesser, Geschwindigkeitsmesser, Geber für Kühlmittelmangelanzeige, Kraftstoffvorratsgeber 2
1398
19. Öldruckschalter, Summer und Gong, Steuergerät im Schalttafeleinsatz, Kontrollleuchte für Öldruck, Kontrollleuchte für Ölstand	1399
119 - 1,6-l-Benzinmotor (BiFuel) , CHGA,(OGD)	1398-1421
1. 1,6-l-Benzinmotor (BiFuel) , CHGA,(OGD)	1398
2. Batterie, Anlasser, Drehstromgenerator	1399
3. Zündanlassschalter, Schalter für GRA, Steuergerät für Lenksäulenelektronik	1400
4. Relais für Spannungsversorgung der Kl. 30, Steuergerät für Lenksäulenelektronik, Sicherungshalter B	1401
5. Sicherungshalter B	1402
6. Geber für Kraftstoffvorratsanzeige, Kraftstoffpumpe für Vorförderung, Kraftstoffpumpenrelais, Stromversorgungsrelais für Simos-Steuergerät, Sicherungshalter B
1403
7. Relais für Sekundärluftpumpe, Motorsteuergerät, Sicherungshalter B, Motor für Sekundärluftpumpe	1404
8. Motorsteuergerät, Zündtrafo, Zündkerzenstecker, Zündkerzen	1405
9. Motorsteuergerät, Zündtrafo, Zündkerzenstecker, Zündkerzen	1406
10. Ansaugluftgeber, Motorsteuergerät, Magnetventil 1 für Aktivkohlebehälter, Ventil für Regelungsumschaltung	1407
